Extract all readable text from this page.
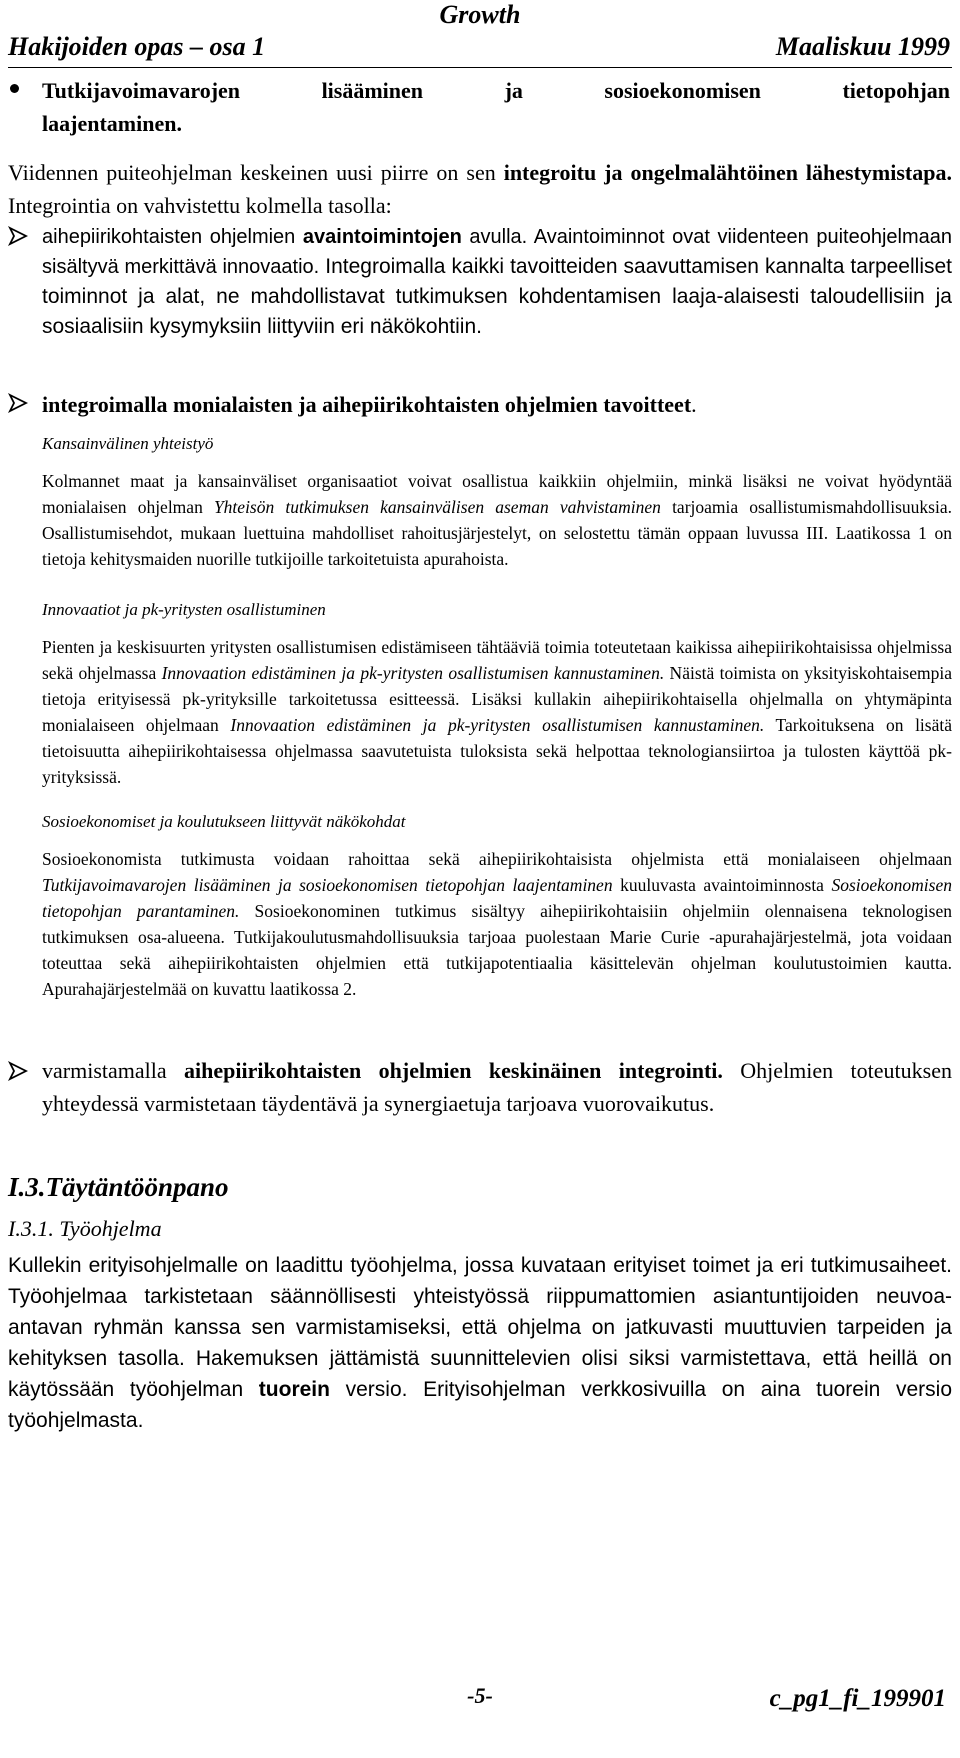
Growth
Hakijoiden opas – osa 1	Maaliskuu 1999
Tutkijavoimavarojen	lisääminen	ja	sosioekonomisen	tietopohjan
laajentaminen.
Viidennen puiteohjelman keskeinen uusi piirre on sen integroitu ja ongelmalähtöinen lähestymistapa. Integrointia on vahvistettu kolmella tasolla:
aihepiirikohtaisten ohjelmien avaintoimintojen avulla. Avaintoiminnot ovat viidenteen puiteohjelmaan sisältyvä merkittävä innovaatio. Integroimalla kaikki tavoitteiden saavuttamisen kannalta tarpeelliset toiminnot ja alat, ne mahdollistavat tutkimuksen kohdentamisen laaja-alaisesti taloudellisiin ja sosiaalisiin kysymyksiin liittyviin eri näkökohtiin.
integroimalla monialaisten ja aihepiirikohtaisten ohjelmien tavoitteet.
Kansainvälinen yhteistyö
Kolmannet maat ja kansainväliset organisaatiot voivat osallistua kaikkiin ohjelmiin, minkä lisäksi ne voivat hyödyntää monialaisen ohjelman Yhteisön tutkimuksen kansainvälisen aseman vahvistaminen tarjoamia osallistumismahdollisuuksia. Osallistumisehdot, mukaan luettuina mahdolliset rahoitusjärjestelyt, on selostettu tämän oppaan luvussa III. Laatikossa 1 on tietoja kehitysmaiden nuorille tutkijoille tarkoitetuista apurahoista.
Innovaatiot ja pk-yritysten osallistuminen
Pienten ja keskisuurten yritysten osallistumisen edistämiseen tähtääviä toimia toteutetaan kaikissa aihepiirikohtaisissa ohjelmissa sekä ohjelmassa Innovaation edistäminen ja pk-yritysten osallistumisen kannustaminen. Näistä toimista on yksityiskohtaisempia tietoja erityisessä pk-yrityksille tarkoitetussa esitteessä. Lisäksi kullakin aihepiirikohtaisella ohjelmalla on yhtymäpinta monialaiseen ohjelmaan Innovaation edistäminen ja pk-yritysten osallistumisen kannustaminen. Tarkoituksena on lisätä tietoisuutta aihepiirikohtaisessa ohjelmassa saavutetuista tuloksista sekä helpottaa teknologiansiirtoa ja tulosten käyttöä pk-yrityksissä.
Sosioekonomiset ja koulutukseen liittyvät näkökohdat
Sosioekonomista tutkimusta voidaan rahoittaa sekä aihepiirikohtaisista ohjelmista että monialaiseen ohjelmaan Tutkijavoimavarojen lisääminen ja sosioekonomisen tietopohjan laajentaminen kuuluvasta avaintoiminnosta Sosioekonomisen tietopohjan parantaminen. Sosioekonominen tutkimus sisältyy aihepiirikohtaisiin ohjelmiin olennaisena teknologisen tutkimuksen osa-alueena. Tutkijakoulutusmahdollisuuksia tarjoaa puolestaan Marie Curie -apurahajärjestelmä, jota voidaan toteuttaa sekä aihepiirikohtaisten ohjelmien että tutkijapotentiaalia käsittelevän ohjelman koulutustoimien kautta. Apurahajärjestelmää on kuvattu laatikossa 2.
varmistamalla aihepiirikohtaisten ohjelmien keskinäinen integrointi. Ohjelmien toteutuksen yhteydessä varmistetaan täydentävä ja synergiaetuja tarjoava vuorovaikutus.
I.3.Täytäntöönpano
I.3.1. Työohjelma
Kullekin erityisohjelmalle on laadittu työohjelma, jossa kuvataan erityiset toimet ja eri tutkimusaiheet. Työohjelmaa tarkistetaan säännöllisesti yhteistyössä riippumattomien asiantuntijoiden neuvoa-antavan ryhmän kanssa sen varmistamiseksi, että ohjelma on jatkuvasti muuttuvien tarpeiden ja kehityksen tasolla. Hakemuksen jättämistä suunnittelevien olisi siksi varmistettava, että heillä on käytössään työohjelman tuorein versio. Erityisohjelman verkkosivuilla on aina tuorein versio työohjelmasta.
-5-	c_pg1_fi_199901
